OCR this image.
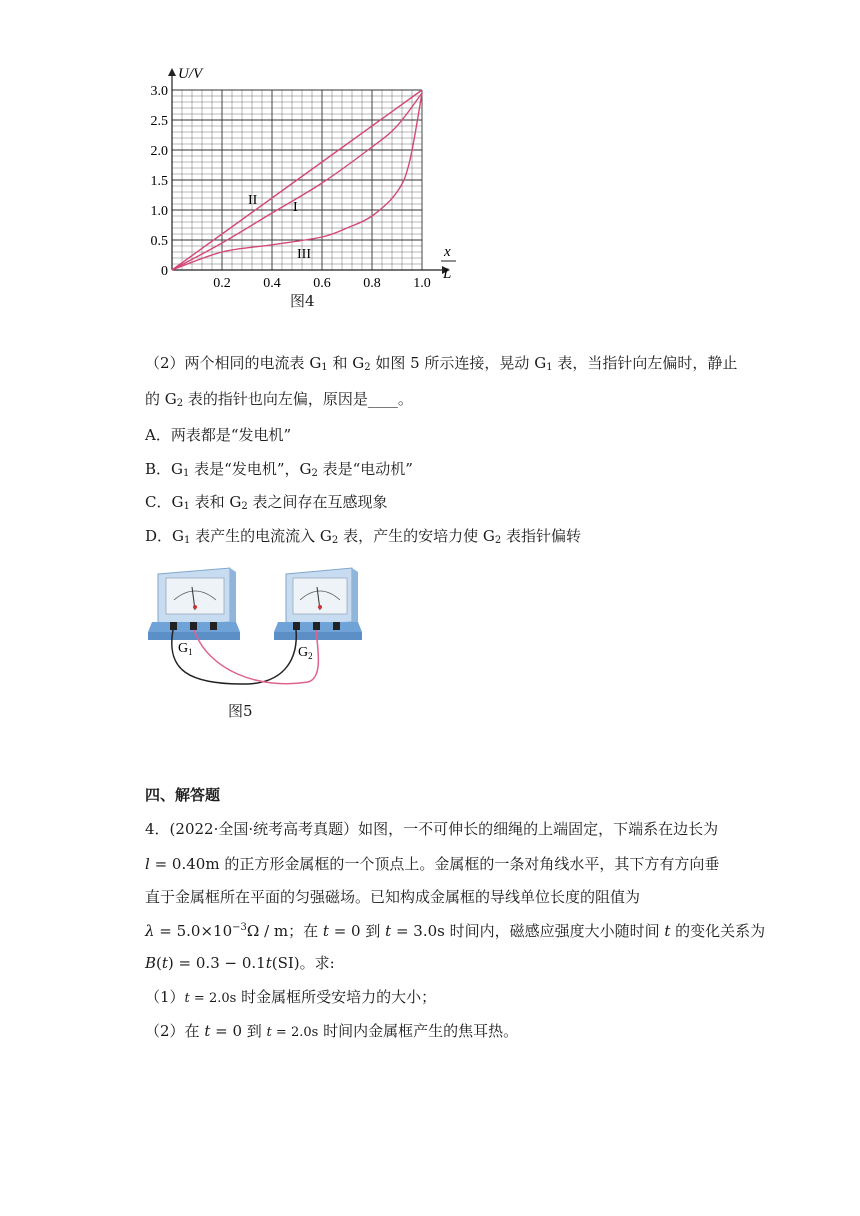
0
0.5
1.0
1.5
2.0
2.5
3.0
0.2 0.4 0.6 0.8 1.0
U/V
x
L
II	I
III
图4
（2）两个相同的电流表 $G_1$ 和 $G_2$ 如图 5 所示连接，晃动 $G_1$ 表，当指针向左偏时，静止
的 $G_2$ 表的指针也向左偏，原因是____。
A．两表都是“发电机”
B．$G_1$ 表是“发电机”，$G_2$ 表是“电动机”
C．$G_1$ 表和 $G_2$ 表之间存在互感现象
D．$G_1$ 表产生的电流流入 $G_2$ 表，产生的安培力使 $G_2$ 表指针偏转
$G_1$	$G_2$
图5
四、解答题
4．(2022·全国·统考高考真题）如图，一不可伸长的细绳的上端固定，下端系在边长为
l = 0.40m 的正方形金属框的一个顶点上。金属框的一条对角线水平，其下方有方向垂
直于金属框所在平面的匀强磁场。已知构成金属框的导线单位长度的阻值为
$\lambda = 5.0\times 10^{-3}\Omega / m$；在 t = 0 到 t = 3.0s 时间内，磁感应强度大小随时间 t 的变化关系为
B(t) = 0.3 − 0.1t(SI)。求:
（1）t = 2.0s 时金属框所受安培力的大小；
（2）在 t = 0 到 t = 2.0s 时间内金属框产生的焦耳热。
